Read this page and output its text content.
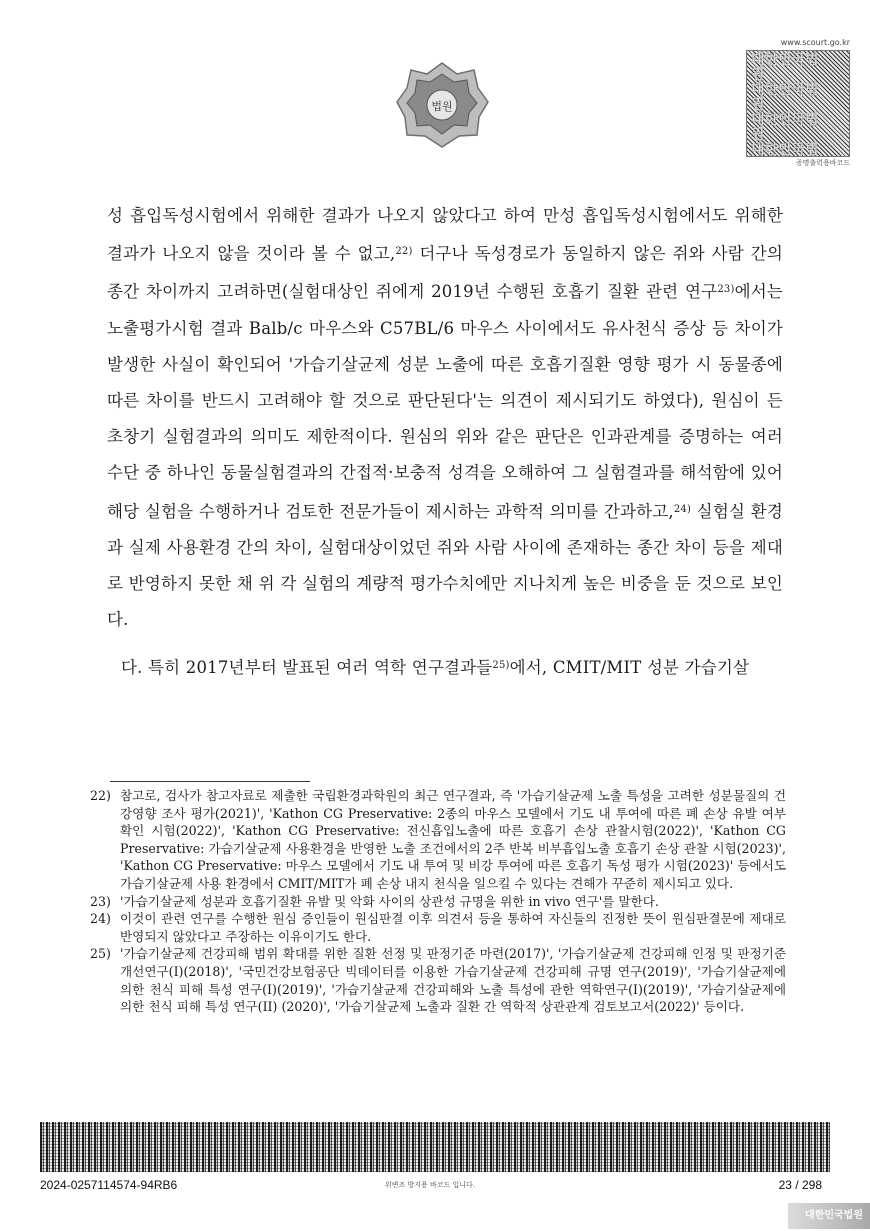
법원
www.scourt.go.kr
대한민국법원
대한민국법원
대한민국법원
대한민국법
증명출력용바코드

성 흡입독성시험에서 위해한 결과가 나오지 않았다고 하여 만성 흡입독성시험에서도 위해한 결과가 나오지 않을 것이라 볼 수 없고,$^{22)}$ 더구나 독성경로가 동일하지 않은 쥐와 사람 간의 종간 차이까지 고려하면(실험대상인 쥐에게 2019년 수행된 호흡기 질환 관련 연구$^{23)}$에서는 노출평가시험 결과 Balb/c 마우스와 C57BL/6 마우스 사이에서도 유사천식 증상 등 차이가 발생한 사실이 확인되어 '가습기살균제 성분 노출에 따른 호흡기질환 영향 평가 시 동물종에 따른 차이를 반드시 고려해야 할 것으로 판단된다'는 의견이 제시되기도 하였다), 원심이 든 초창기 실험결과의 의미도 제한적이다. 원심의 위와 같은 판단은 인과관계를 증명하는 여러 수단 중 하나인 동물실험결과의 간접적·보충적 성격을 오해하여 그 실험결과를 해석함에 있어 해당 실험을 수행하거나 검토한 전문가들이 제시하는 과학적 의미를 간과하고,$^{24)}$ 실험실 환경과 실제 사용환경 간의 차이, 실험대상이었던 쥐와 사람 사이에 존재하는 종간 차이 등을 제대로 반영하지 못한 채 위 각 실험의 계량적 평가수치에만 지나치게 높은 비중을 둔 것으로 보인다.

다. 특히 2017년부터 발표된 여러 역학 연구결과들$^{25)}$에서, CMIT/MIT 성분 가습기살

22) 참고로, 검사가 참고자료로 제출한 국립환경과학원의 최근 연구결과, 즉 '가습기살균제 노출 특성을 고려한 성분물질의 건강영향 조사 평가(2021)', 'Kathon CG Preservative: 2종의 마우스 모델에서 기도 내 투여에 따른 폐 손상 유발 여부 확인 시험(2022)', 'Kathon CG Preservative: 전신흡입노출에 따른 호흡기 손상 관찰시험(2022)', 'Kathon CG Preservative: 가습기살균제 사용환경을 반영한 노출 조건에서의 2주 반복 비부흡입노출 호흡기 손상 관찰 시험(2023)', 'Kathon CG Preservative: 마우스 모델에서 기도 내 투여 및 비강 투여에 따른 호흡기 독성 평가 시험(2023)' 등에서도 가습기살균제 사용 환경에서 CMIT/MIT가 폐 손상 내지 천식을 일으킬 수 있다는 견해가 꾸준히 제시되고 있다.
23) '가습기살균제 성분과 호흡기질환 유발 및 악화 사이의 상관성 규명을 위한 in vivo 연구'를 말한다.
24) 이것이 관련 연구를 수행한 원심 증인들이 원심판결 이후 의견서 등을 통하여 자신들의 진정한 뜻이 원심판결문에 제대로 반영되지 않았다고 주장하는 이유이기도 한다.
25) '가습기살균제 건강피해 범위 확대를 위한 질환 선정 및 판정기준 마련(2017)', '가습기살균제 건강피해 인정 및 판정기준 개선연구(I)(2018)', '국민건강보험공단 빅데이터를 이용한 가습기살균제 건강피해 규명 연구(2019)', '가습기살균제에 의한 천식 피해 특성 연구(I)(2019)', '가습기살균제 건강피해와 노출 특성에 관한 역학연구(I)(2019)', '가습기살균제에 의한 천식 피해 특성 연구(II) (2020)', '가습기살균제 노출과 질환 간 역학적 상관관계 검토보고서(2022)' 등이다.
2024-0257114574-94RB6	위변조 방지용 바코드 입니다.	23 / 298
대한민국법원
